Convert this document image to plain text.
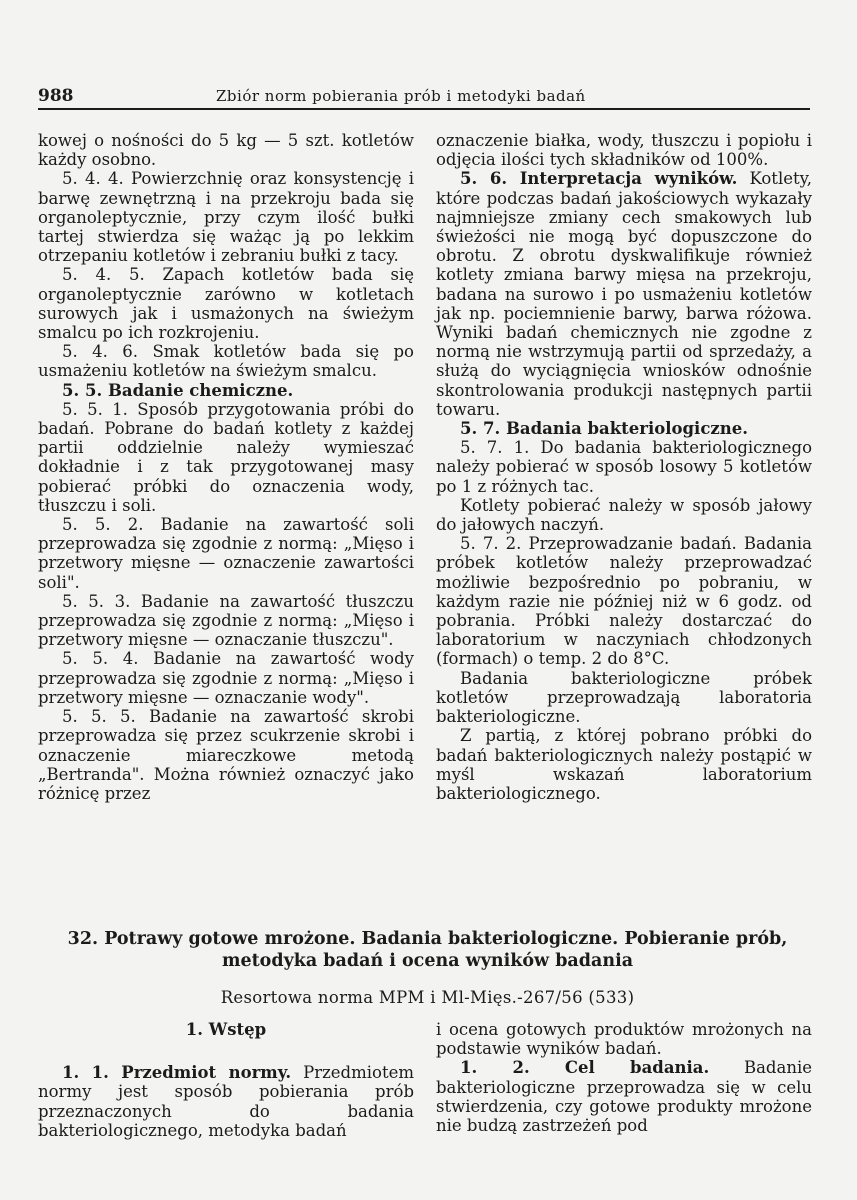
988	Zbiór norm pobierania prób i metodyki badań

kowej o nośności do 5 kg — 5 szt. kotletów każdy osobno.

5. 4. 4. Powierzchnię oraz konsystencję i barwę zewnętrzną i na przekroju bada się organoleptycznie, przy czym ilość bułki tartej stwierdza się ważąc ją po lekkim otrzepaniu kotletów i zebraniu bułki z tacy.

5. 4. 5. Zapach kotletów bada się organoleptycznie zarówno w kotletach surowych jak i usmażonych na świeżym smalcu po ich rozkrojeniu.

5. 4. 6. Smak kotletów bada się po usmażeniu kotletów na świeżym smalcu.

5. 5. Badanie chemiczne.

5. 5. 1. Sposób przygotowania próbi do badań. Pobrane do badań kotlety z każdej partii oddzielnie należy wymieszać dokładnie i z tak przygotowanej masy pobierać próbki do oznaczenia wody, tłuszczu i soli.

5. 5. 2. Badanie na zawartość soli przeprowadza się zgodnie z normą: „Mięso i przetwory mięsne — oznaczenie zawartości soli".

5. 5. 3. Badanie na zawartość tłuszczu przeprowadza się zgodnie z normą: „Mięso i przetwory mięsne — oznaczanie tłuszczu".

5. 5. 4. Badanie na zawartość wody przeprowadza się zgodnie z normą: „Mięso i przetwory mięsne — oznaczanie wody".

5. 5. 5. Badanie na zawartość skrobi przeprowadza się przez scukrzenie skrobi i oznaczenie miareczkowe metodą „Bertranda". Można również oznaczyć jako różnicę przez

oznaczenie białka, wody, tłuszczu i popiołu i odjęcia ilości tych składników od 100%.

5. 6. Interpretacja wyników. Kotlety, które podczas badań jakościowych wykazały najmniejsze zmiany cech smakowych lub świeżości nie mogą być dopuszczone do obrotu. Z obrotu dyskwalifikuje również kotlety zmiana barwy mięsa na przekroju, badana na surowo i po usmażeniu kotletów jak np. pociemnienie barwy, barwa różowa. Wyniki badań chemicznych nie zgodne z normą nie wstrzymują partii od sprzedaży, a służą do wyciągnięcia wniosków odnośnie skontrolowania produkcji następnych partii towaru.

5. 7. Badania bakteriologiczne.

5. 7. 1. Do badania bakteriologicznego należy pobierać w sposób losowy 5 kotletów po 1 z różnych tac.

Kotlety pobierać należy w sposób jałowy do jałowych naczyń.

5. 7. 2. Przeprowadzanie badań. Badania próbek kotletów należy przeprowadzać możliwie bezpośrednio po pobraniu, w każdym razie nie później niż w 6 godz. od pobrania. Próbki należy dostarczać do laboratorium w naczyniach chłodzonych (formach) o temp. 2 do 8°C.

Badania bakteriologiczne próbek kotletów przeprowadzają laboratoria bakteriologiczne.

Z partią, z której pobrano próbki do badań bakteriologicznych należy postąpić w myśl wskazań laboratorium bakteriologicznego.

32. Potrawy gotowe mrożone. Badania bakteriologiczne. Pobieranie prób, metodyka badań i ocena wyników badania
Resortowa norma MPM i Ml-Mięs.-267/56 (533)

1. Wstęp

1. 1. Przedmiot normy. Przedmiotem normy jest sposób pobierania prób przeznaczonych do badania bakteriologicznego, metodyka badań

i ocena gotowych produktów mrożonych na podstawie wyników badań.

1. 2. Cel badania. Badanie bakteriologiczne przeprowadza się w celu stwierdzenia, czy gotowe produkty mrożone nie budzą zastrzeżeń pod
